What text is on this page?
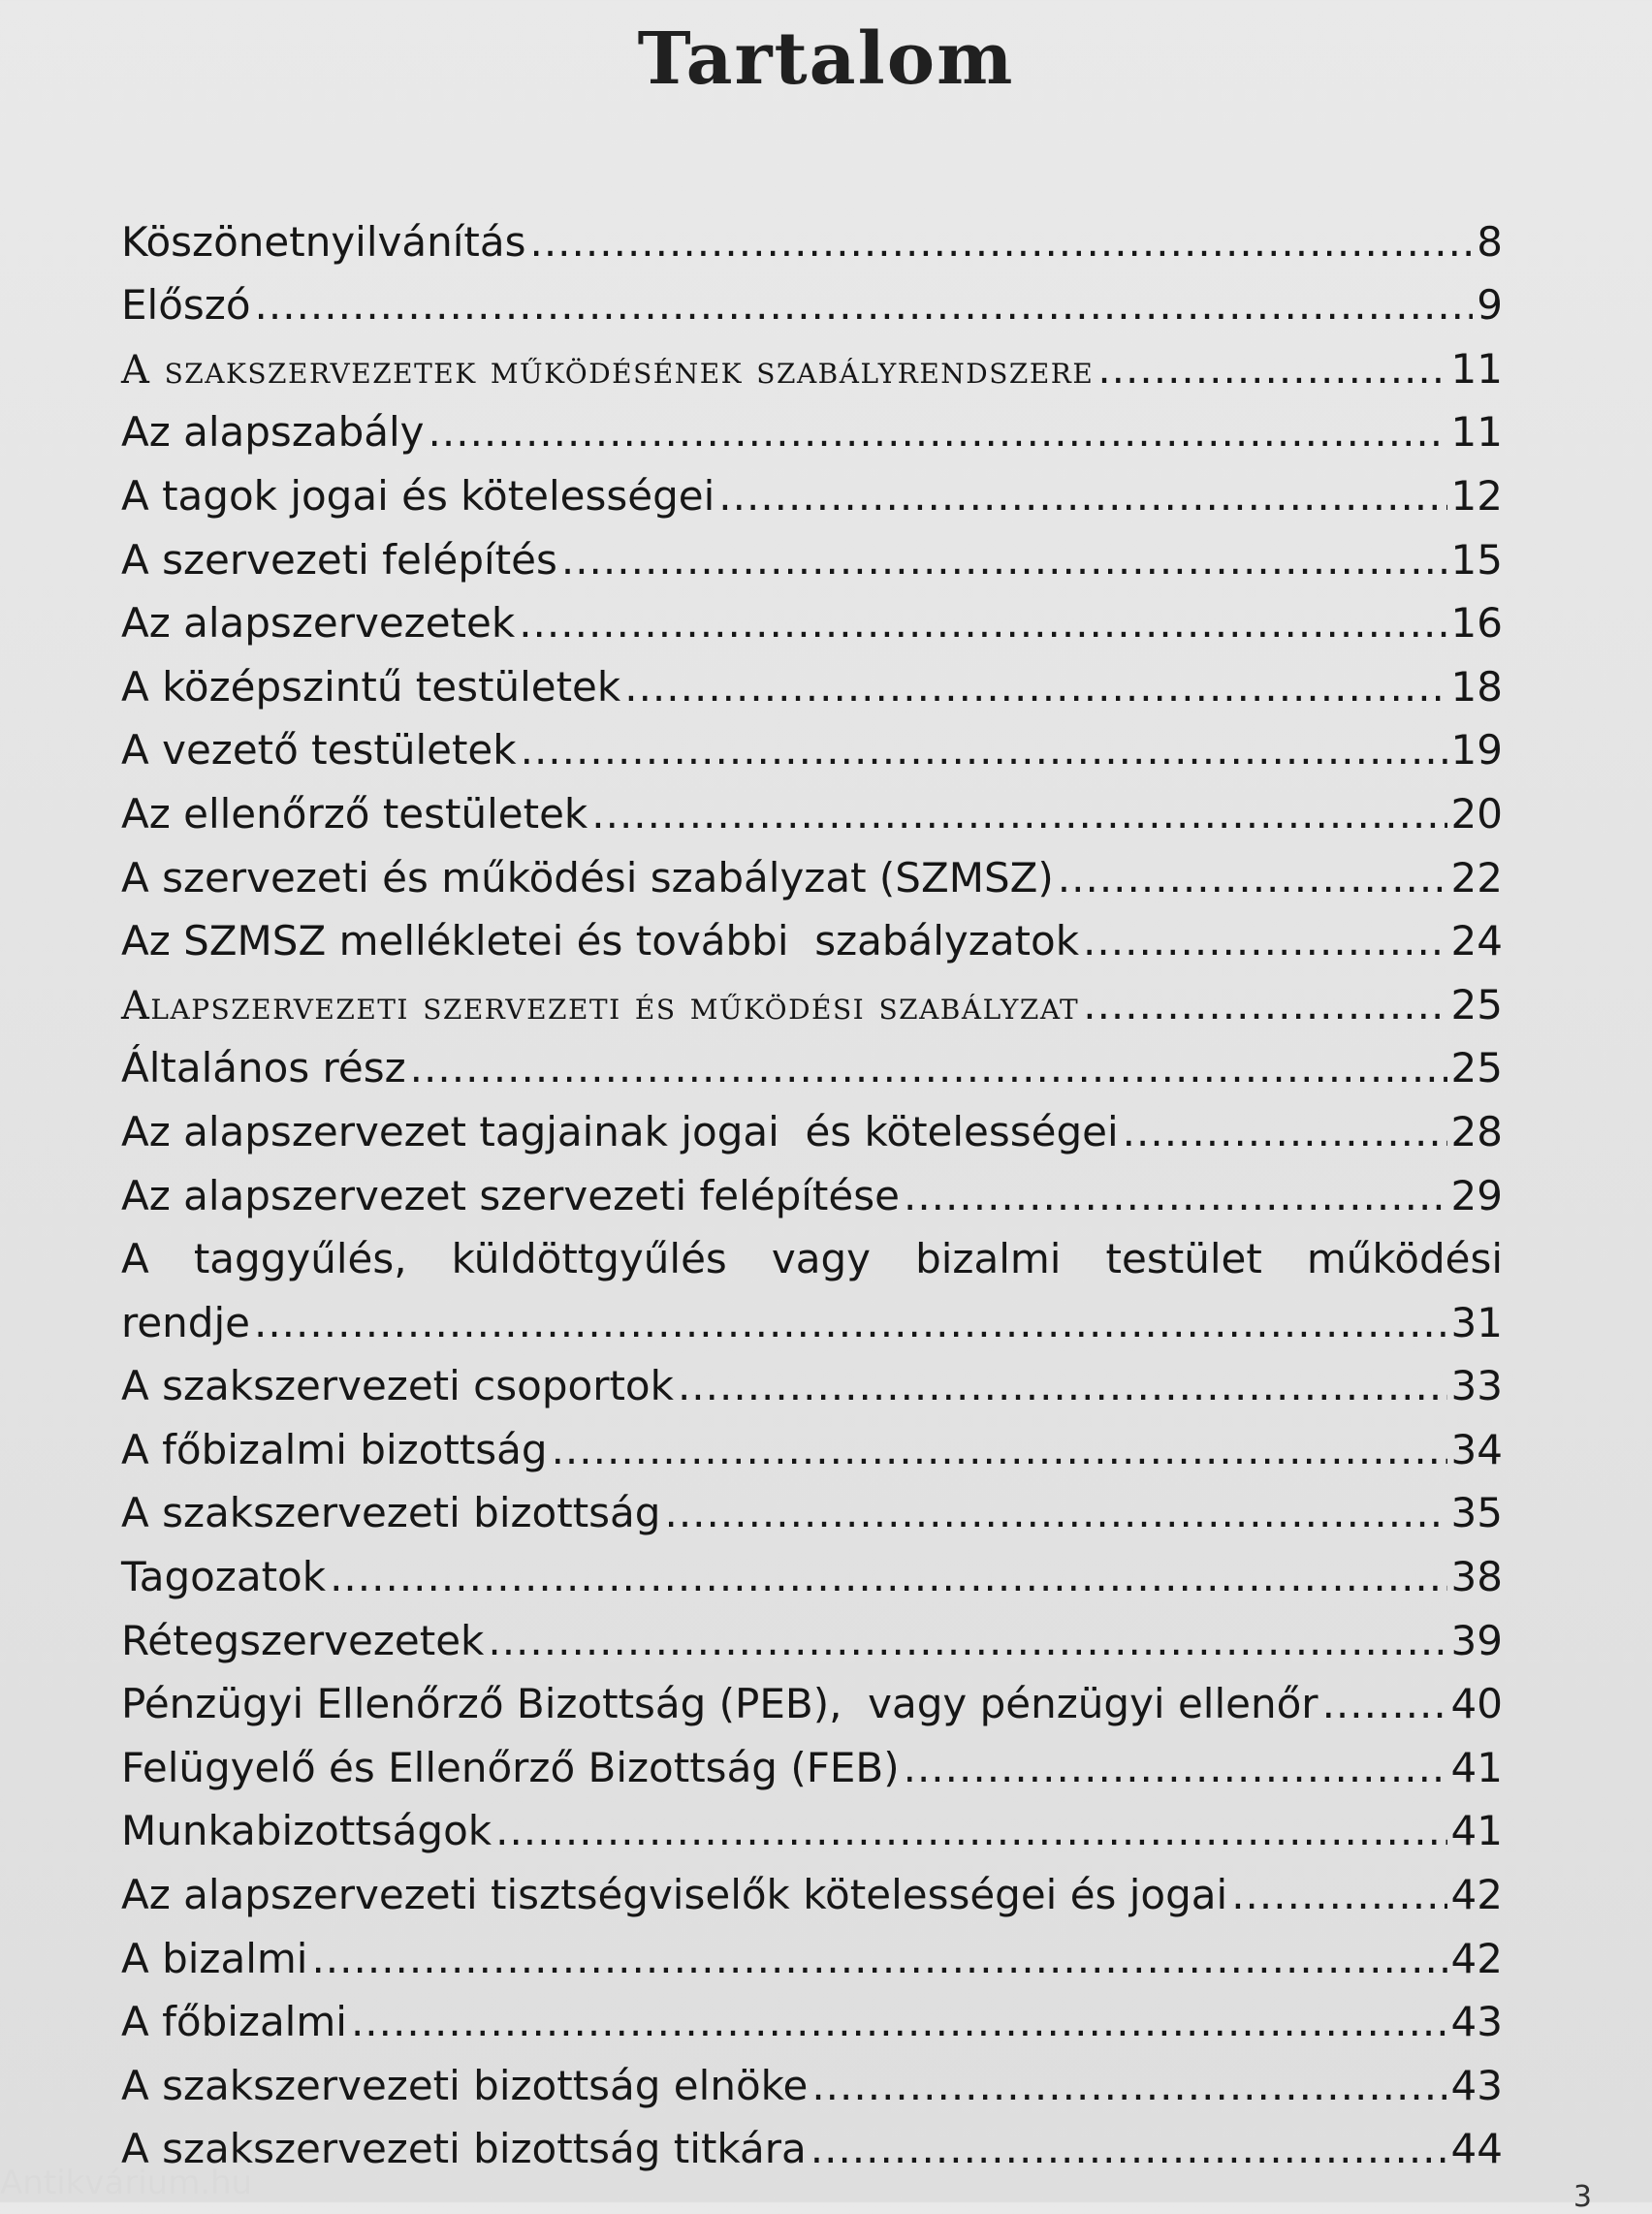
Tartalom
Köszönetnyilvánítás .....	8
Előszó .....	9
A szakszervezetek működésének szabályrendszere .....	11
Az alapszabály .....	11
A tagok jogai és kötelességei .....	12
A szervezeti felépítés .....	15
Az alapszervezetek .....	16
A középszintű testületek .....	18
A vezető testületek .....	19
Az ellenőrző testületek .....	20
A szervezeti és működési szabályzat (SZMSZ) .....	22
Az SZMSZ mellékletei és további  szabályzatok .....	24
Alapszervezeti szervezeti és működési szabályzat .....	25
Általános rész .....	25
Az alapszervezet tagjainak jogai  és kötelességei .....	28
Az alapszervezet szervezeti felépítése .....	29
A taggyűlés, küldöttgyűlés vagy bizalmi testület működési
rendje .....	31
A szakszervezeti csoportok .....	33
A főbizalmi bizottság .....	34
A szakszervezeti bizottság .....	35
Tagozatok .....	38
Rétegszervezetek .....	39
Pénzügyi Ellenőrző Bizottság (PEB),  vagy pénzügyi ellenőr .....	40
Felügyelő és Ellenőrző Bizottság (FEB) .....	41
Munkabizottságok .....	41
Az alapszervezeti tisztségviselők kötelességei és jogai .....	42
A bizalmi .....	42
A főbizalmi .....	43
A szakszervezeti bizottság elnöke .....	43
A szakszervezeti bizottság titkára .....	44
Antikvárium.hu	3
